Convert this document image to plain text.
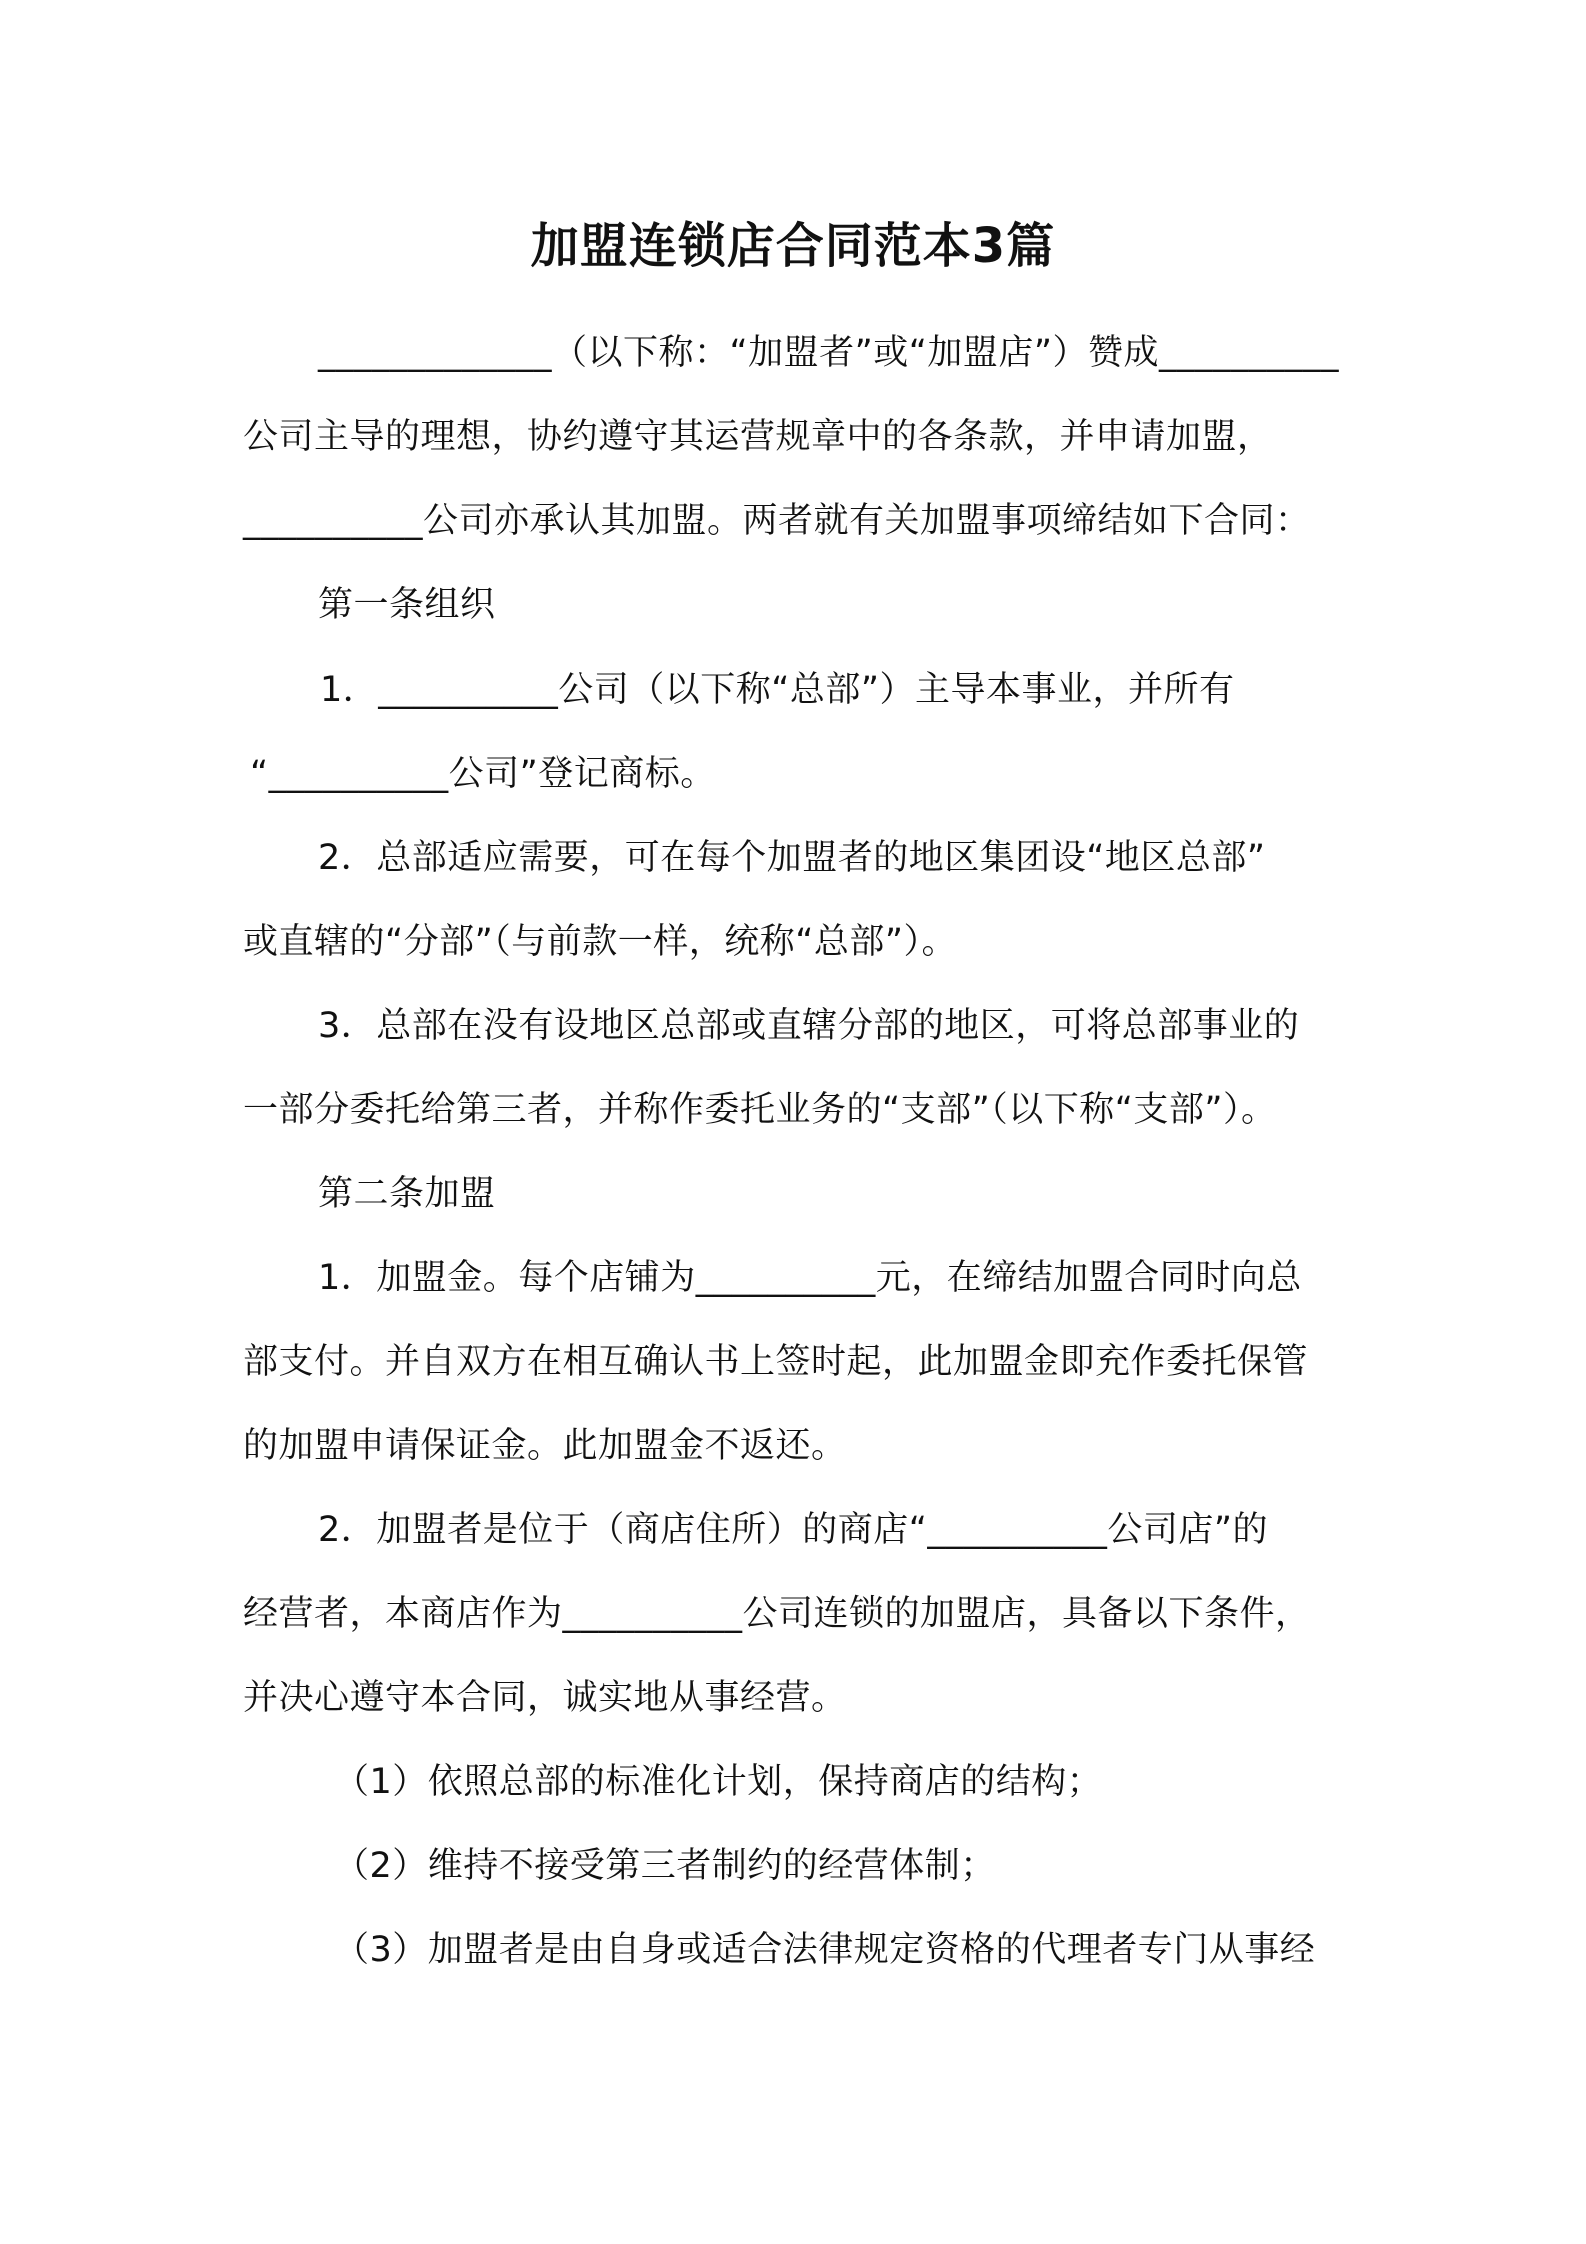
加盟连锁店合同范本3篇
_____________（以下称：“加盟者”或“加盟店”）赞成__________
公司主导的理想，协约遵守其运营规章中的各条款，并申请加盟，
__________公司亦承认其加盟。两者就有关加盟事项缔结如下合同：
第一条组织
1．__________公司（以下称“总部”）主导本事业，并所有
“__________公司”登记商标。
2．总部适应需要，可在每个加盟者的地区集团设“地区总部”
或直辖的“分部”（与前款一样，统称“总部”）。
3．总部在没有设地区总部或直辖分部的地区，可将总部事业的
一部分委托给第三者，并称作委托业务的“支部”（以下称“支部”）。
第二条加盟
1．加盟金。每个店铺为__________元，在缔结加盟合同时向总
部支付。并自双方在相互确认书上签时起，此加盟金即充作委托保管
的加盟申请保证金。此加盟金不返还。
2．加盟者是位于（商店住所）的商店“__________公司店”的
经营者，本商店作为__________公司连锁的加盟店，具备以下条件，
并决心遵守本合同，诚实地从事经营。
（1）依照总部的标准化计划，保持商店的结构；
（2）维持不接受第三者制约的经营体制；
（3）加盟者是由自身或适合法律规定资格的代理者专门从事经
